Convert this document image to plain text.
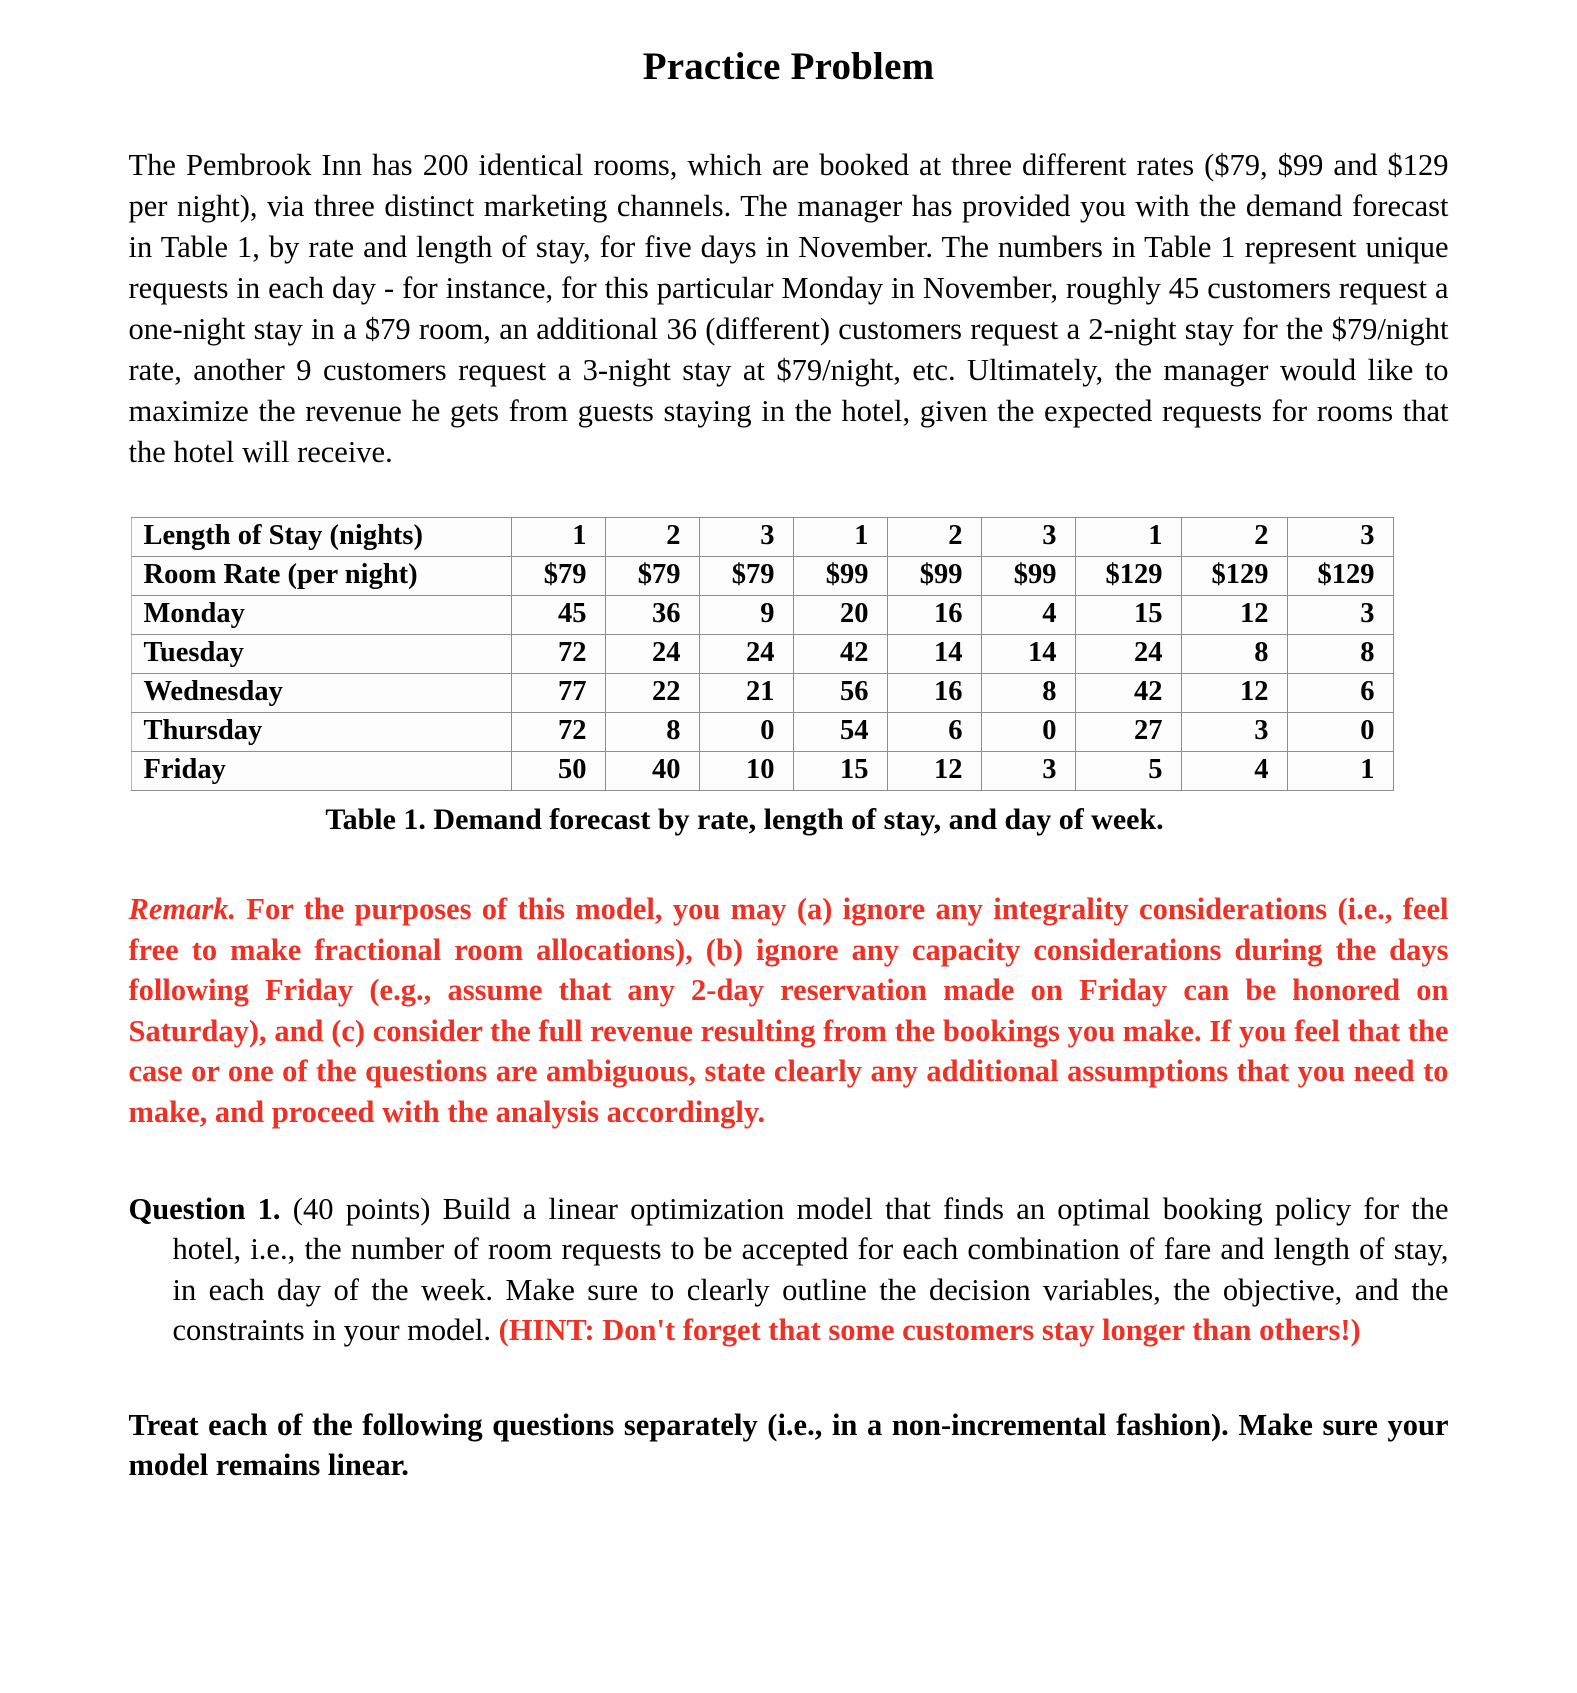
Practice Problem

The Pembrook Inn has 200 identical rooms, which are booked at three different rates ($79, $99 and $129 per night), via three distinct marketing channels. The manager has provided you with the demand forecast in Table 1, by rate and length of stay, for five days in November. The numbers in Table 1 represent unique requests in each day - for instance, for this particular Monday in November, roughly 45 customers request a one-night stay in a $79 room, an additional 36 (different) customers request a 2-night stay for the $79/night rate, another 9 customers request a 3-night stay at $79/night, etc. Ultimately, the manager would like to maximize the revenue he gets from guests staying in the hotel, given the expected requests for rooms that the hotel will receive.

Length of Stay (nights)	1	2	3	1	2	3	1	2	3
Room Rate (per night)	$79	$79	$79	$99	$99	$99	$129	$129	$129
Monday	45	36	9	20	16	4	15	12	3
Tuesday	72	24	24	42	14	14	24	8	8
Wednesday	77	22	21	56	16	8	42	12	6
Thursday	72	8	0	54	6	0	27	3	0
Friday	50	40	10	15	12	3	5	4	1
Table 1. Demand forecast by rate, length of stay, and day of week.

Remark. For the purposes of this model, you may (a) ignore any integrality considerations (i.e., feel free to make fractional room allocations), (b) ignore any capacity considerations during the days following Friday (e.g., assume that any 2-day reservation made on Friday can be honored on Saturday), and (c) consider the full revenue resulting from the bookings you make. If you feel that the case or one of the questions are ambiguous, state clearly any additional assumptions that you need to make, and proceed with the analysis accordingly.

Question 1. (40 points) Build a linear optimization model that finds an optimal booking policy for the hotel, i.e., the number of room requests to be accepted for each combination of fare and length of stay, in each day of the week. Make sure to clearly outline the decision variables, the objective, and the constraints in your model. (HINT: Don't forget that some customers stay longer than others!)

Treat each of the following questions separately (i.e., in a non-incremental fashion). Make sure your model remains linear.
